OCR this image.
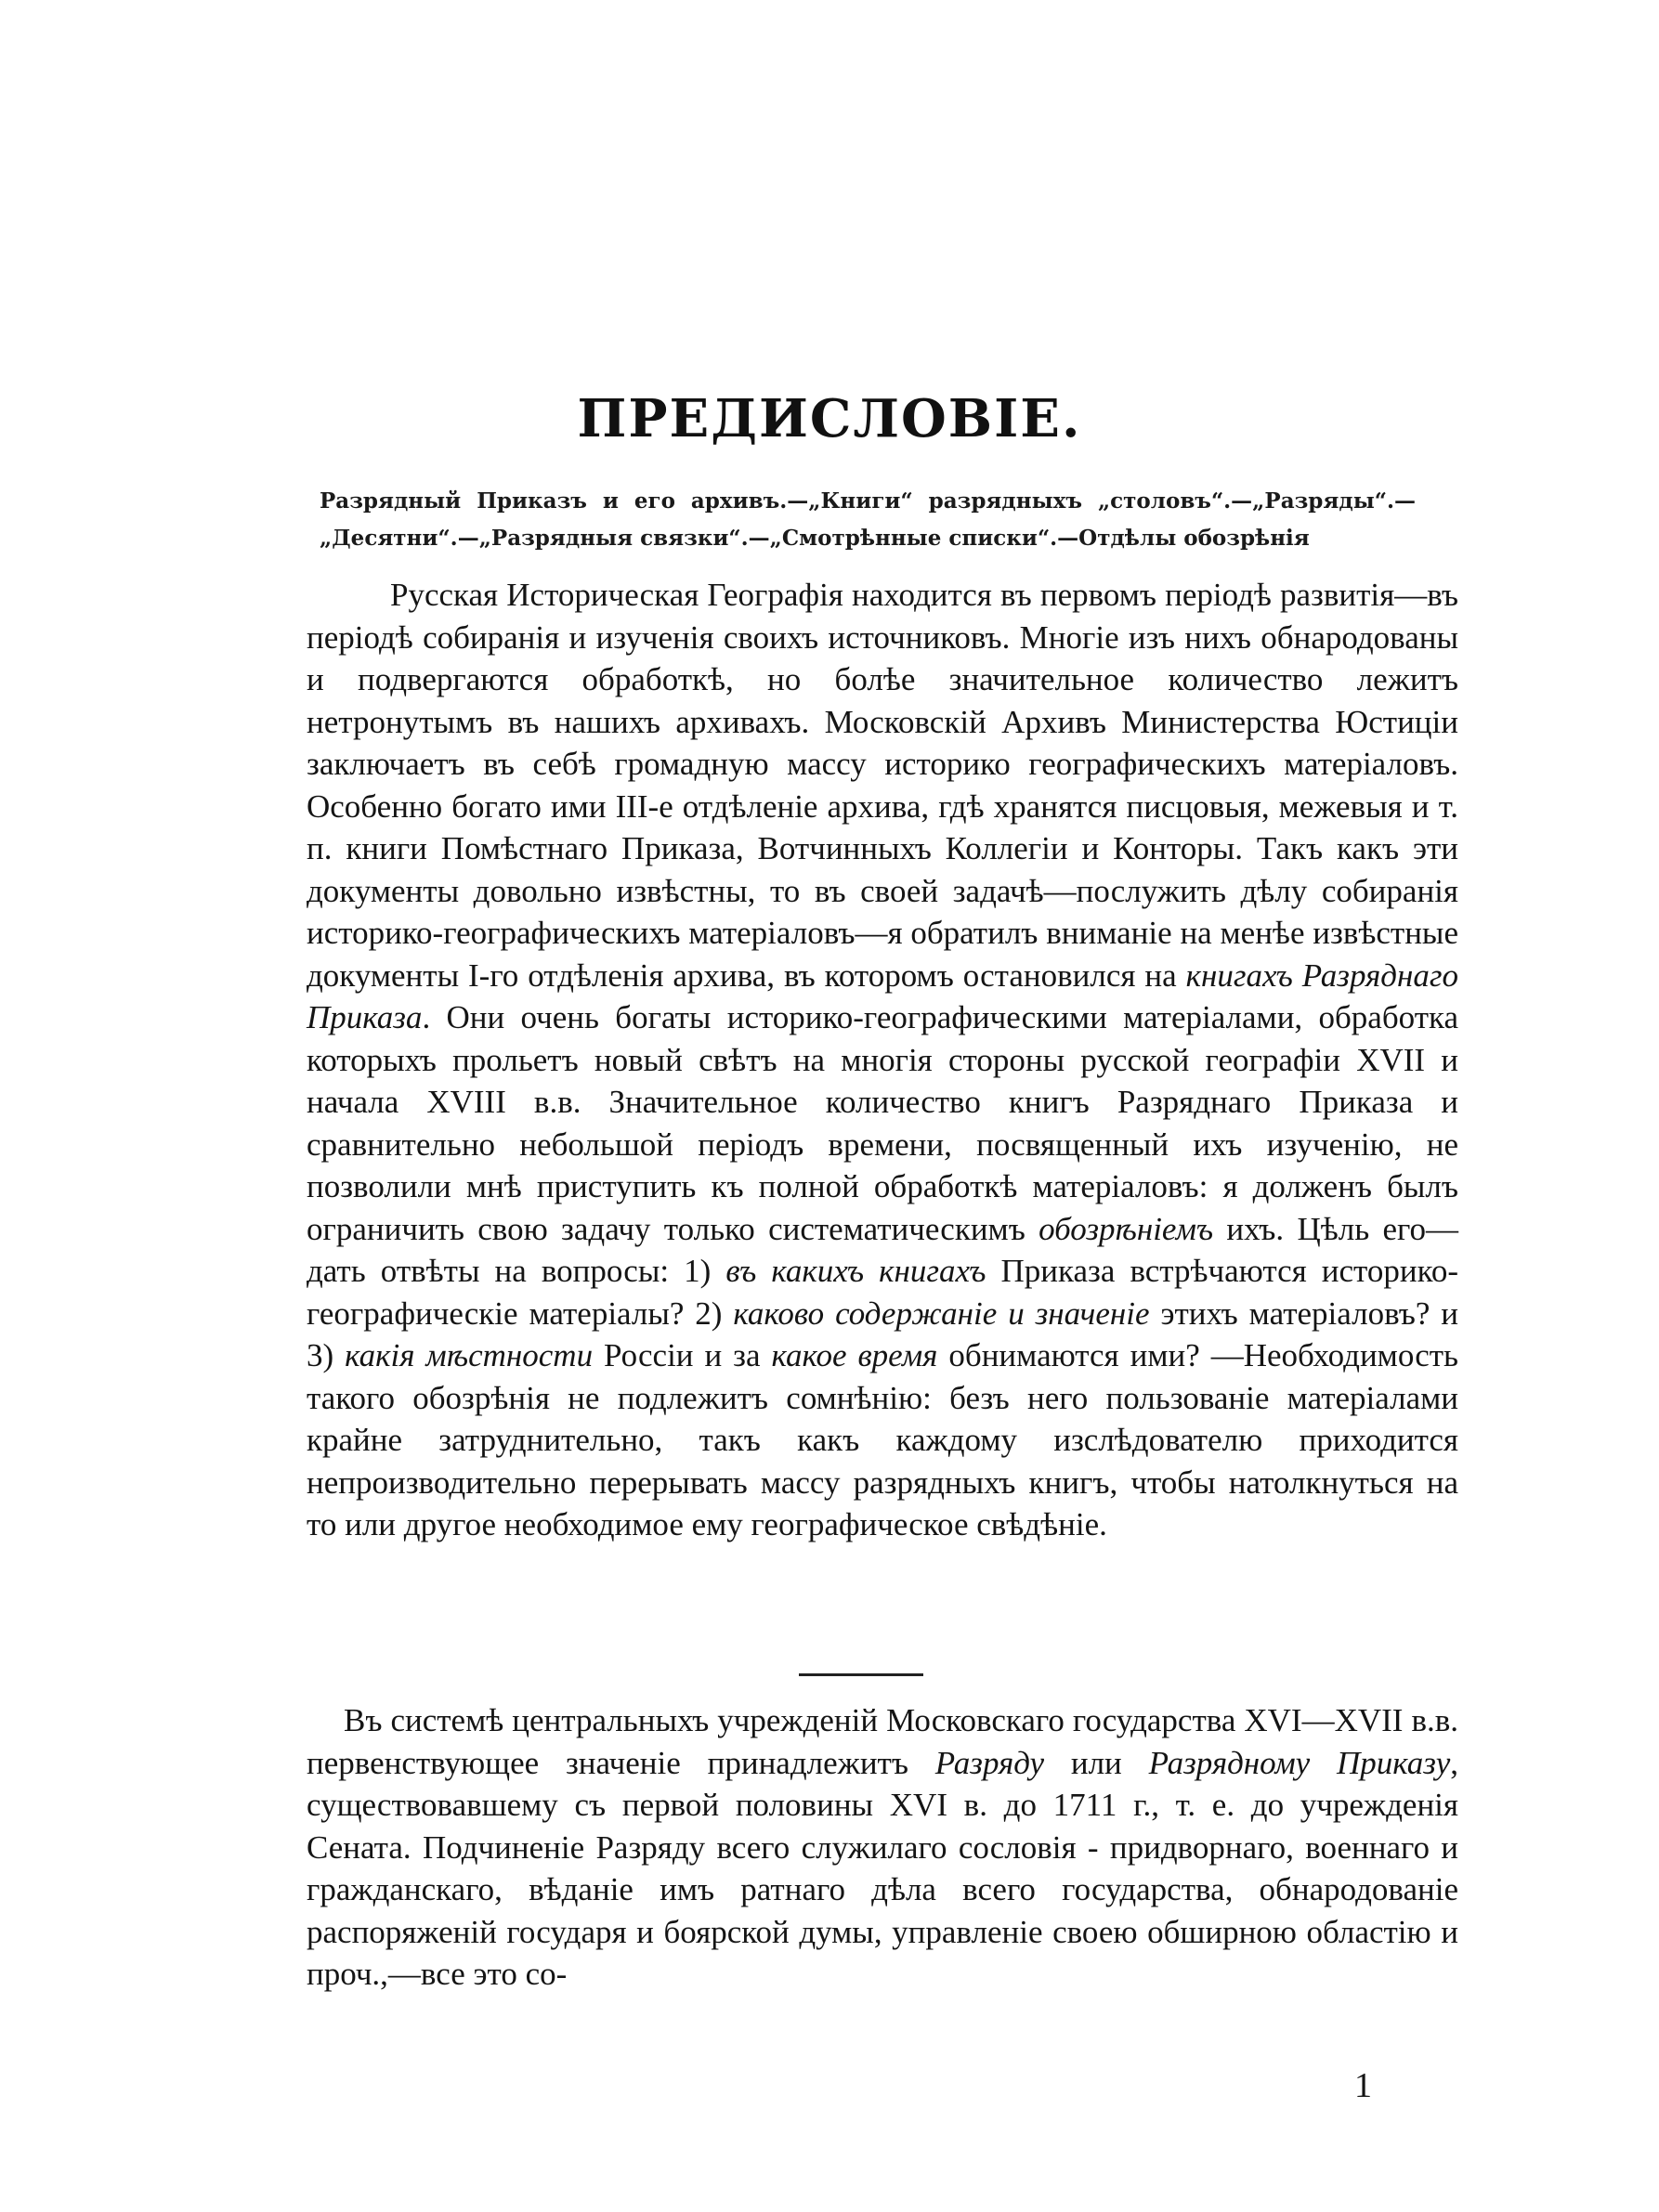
ПРЕДИСЛОВІЕ.

Разрядный Приказъ и его архивъ.—„Книги“ разрядныхъ „столовъ“.—„Разряды“.—„Десятни“.—„Разрядныя связки“.—„Смотрѣнные списки“.—Отдѣлы обозрѣнія

Русская Историческая Географія находится въ первомъ періодѣ развитія—въ періодѣ собиранія и изученія своихъ источниковъ. Многіе изъ нихъ обнародованы и подвергаются обработкѣ, но болѣе значительное количество лежитъ нетронутымъ въ нашихъ архивахъ. Московскій Архивъ Министерства Юстиціи заключаетъ въ себѣ громадную массу историко географическихъ матеріаловъ. Особенно богато ими III-е отдѣленіе архива, гдѣ хранятся писцовыя, межевыя и т. п. книги Помѣстнаго Приказа, Вотчинныхъ Коллегіи и Конторы. Такъ какъ эти документы довольно извѣстны, то въ своей задачѣ—послужить дѣлу собиранія историко-географическихъ матеріаловъ—я обратилъ вниманіе на менѣе извѣстные документы I-го отдѣленія архива, въ которомъ остановился на книгахъ Разряднаго Приказа. Они очень богаты историко-географическими матеріалами, обработка которыхъ прольетъ новый свѣтъ на многія стороны русской географіи XVII и начала XVIII в.в. Значительное количество книгъ Разряднаго Приказа и сравнительно небольшой періодъ времени, посвященный ихъ изученію, не позволили мнѣ приступить къ полной обработкѣ матеріаловъ: я долженъ былъ ограничить свою задачу только систематическимъ обозрѣніемъ ихъ. Цѣль его—дать отвѣты на вопросы: 1) въ какихъ книгахъ Приказа встрѣчаются историко-географическіе матеріалы? 2) каково содержаніе и значеніе этихъ матеріаловъ? и 3) какія мѣстности Россіи и за какое время обнимаются ими? —Необходимость такого обозрѣнія не подлежитъ сомнѣнію: безъ него пользованіе матеріалами крайне затруднительно, такъ какъ каждому изслѣдователю приходится непроизводительно перерывать массу разрядныхъ книгъ, чтобы натолкнуться на то или другое необходимое ему географическое свѣдѣніе.

Въ системѣ центральныхъ учрежденій Московскаго государства XVI—XVII в.в. первенствующее значеніе принадлежитъ Разряду или Разрядному Приказу, существовавшему съ первой половины XVI в. до 1711 г., т. е. до учрежденія Сената. Подчиненіе Разряду всего служилаго сословія - придворнаго, военнаго и гражданскаго, вѣданіе имъ ратнаго дѣла всего государства, обнародованіе распоряженій государя и боярской думы, управленіе своею обширною областію и проч.,—все это со-

1
